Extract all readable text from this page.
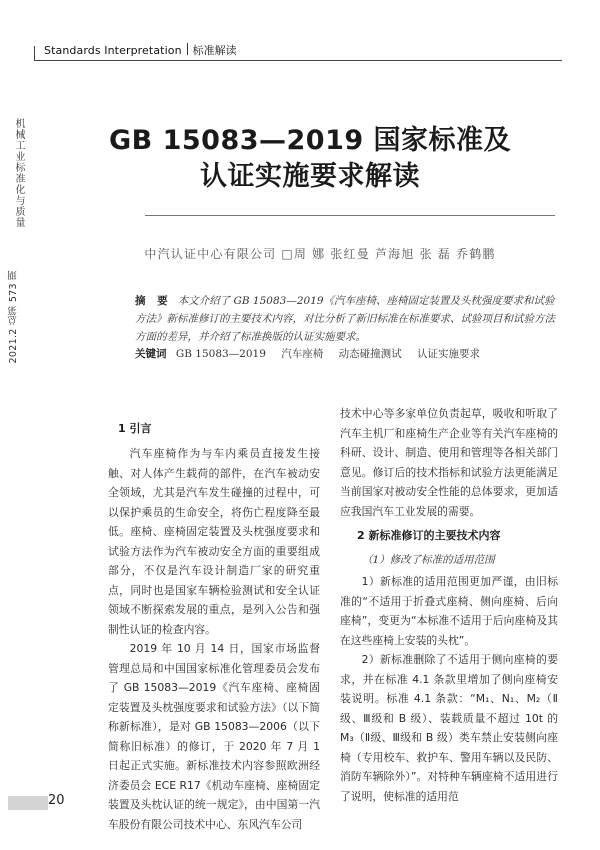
Standards Interpretation 标准解读
机械工业标准化与质量
2021.2 总第 573 期
GB 15083—2019 国家标准及
认证实施要求解读
中汽认证中心有限公司 □周 娜 张红曼 芦海旭 张 磊 乔鹤鹏
摘 要 本文介绍了 GB 15083—2019《汽车座椅、座椅固定装置及头枕强度要求和试验方法》新标准修订的主要技术内容，对比分析了新旧标准在标准要求、试验项目和试验方法方面的差异，并介绍了标准换版的认证实施要求。
关键词 GB 15083—2019 汽车座椅 动态碰撞测试 认证实施要求
1 引言

汽车座椅作为与车内乘员直接发生接触、对人体产生载荷的部件，在汽车被动安全领域，尤其是汽车发生碰撞的过程中，可以保护乘员的生命安全，将伤亡程度降至最低。座椅、座椅固定装置及头枕强度要求和试验方法作为汽车被动安全方面的重要组成部分，不仅是汽车设计制造厂家的研究重点，同时也是国家车辆检验测试和安全认证领域不断探索发展的重点，是列入公告和强制性认证的检查内容。

2019 年 10 月 14 日，国家市场监督管理总局和中国国家标准化管理委员会发布了 GB 15083—2019《汽车座椅、座椅固定装置及头枕强度要求和试验方法》（以下简称新标准），是对 GB 15083—2006（以下简称旧标准）的修订，于 2020 年 7 月 1 日起正式实施。新标准技术内容参照欧洲经济委员会 ECE R17《机动车座椅、座椅固定装置及头枕认证的统一规定》，由中国第一汽车股份有限公司技术中心、东风汽车公司

技术中心等多家单位负责起草，吸收和听取了汽车主机厂和座椅生产企业等有关汽车座椅的科研、设计、制造、使用和管理等各相关部门意见。修订后的技术指标和试验方法更能满足当前国家对被动安全性能的总体要求，更加适应我国汽车工业发展的需要。

2 新标准修订的主要技术内容
（1）修改了标准的适用范围

1）新标准的适用范围更加严谨，由旧标准的“不适用于折叠式座椅、侧向座椅、后向座椅”，变更为“本标准不适用于后向座椅及其在这些座椅上安装的头枕”。

2）新标准删除了不适用于侧向座椅的要求，并在标准 4.1 条款里增加了侧向座椅安装说明。标准 4.1 条款：“M₁、N₁、M₂（Ⅱ级、Ⅲ级和 B 级）、装载质量不超过 10t 的 M₃（Ⅱ级、Ⅲ级和 B 级）类车禁止安装侧向座椅（专用校车、救护车、警用车辆以及民防、消防车辆除外）”。对特种车辆座椅不适用进行了说明，使标准的适用范

20
